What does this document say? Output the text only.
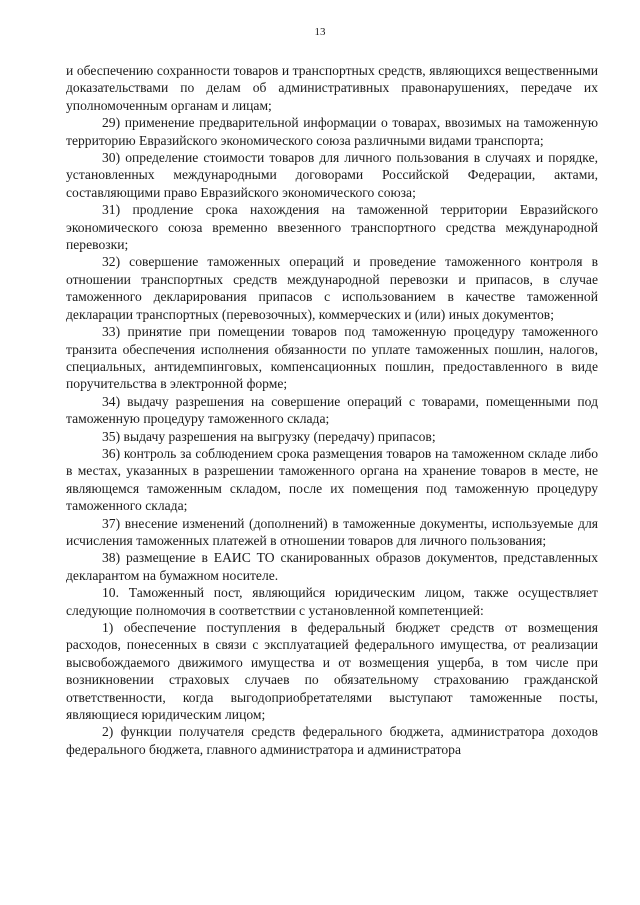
13

и обеспечению сохранности товаров и транспортных средств, являющихся вещественными доказательствами по делам об административных правонарушениях, передаче их уполномоченным органам и лицам;

29) применение предварительной информации о товарах, ввозимых на таможенную территорию Евразийского экономического союза различными видами транспорта;

30) определение стоимости товаров для личного пользования в случаях и порядке, установленных международными договорами Российской Федерации, актами, составляющими право Евразийского экономического союза;

31) продление срока нахождения на таможенной территории Евразийского экономического союза временно ввезенного транспортного средства международной перевозки;

32) совершение таможенных операций и проведение таможенного контроля в отношении транспортных средств международной перевозки и припасов, в случае таможенного декларирования припасов с использованием в качестве таможенной декларации транспортных (перевозочных), коммерческих и (или) иных документов;

33) принятие при помещении товаров под таможенную процедуру таможенного транзита обеспечения исполнения обязанности по уплате таможенных пошлин, налогов, специальных, антидемпинговых, компенсационных пошлин, предоставленного в виде поручительства в электронной форме;

34) выдачу разрешения на совершение операций с товарами, помещенными под таможенную процедуру таможенного склада;

35) выдачу разрешения на выгрузку (передачу) припасов;

36) контроль за соблюдением срока размещения товаров на таможенном складе либо в местах, указанных в разрешении таможенного органа на хранение товаров в месте, не являющемся таможенным складом, после их помещения под таможенную процедуру таможенного склада;

37) внесение изменений (дополнений) в таможенные документы, используемые для исчисления таможенных платежей в отношении товаров для личного пользования;

38) размещение в ЕАИС ТО сканированных образов документов, представленных декларантом на бумажном носителе.

10. Таможенный пост, являющийся юридическим лицом, также осуществляет следующие полномочия в соответствии с установленной компетенцией:

1) обеспечение поступления в федеральный бюджет средств от возмещения расходов, понесенных в связи с эксплуатацией федерального имущества, от реализации высвобождаемого движимого имущества и от возмещения ущерба, в том числе при возникновении страховых случаев по обязательному страхованию гражданской ответственности, когда выгодоприобретателями выступают таможенные посты, являющиеся юридическим лицом;

2) функции получателя средств федерального бюджета, администратора доходов федерального бюджета, главного администратора и администратора
